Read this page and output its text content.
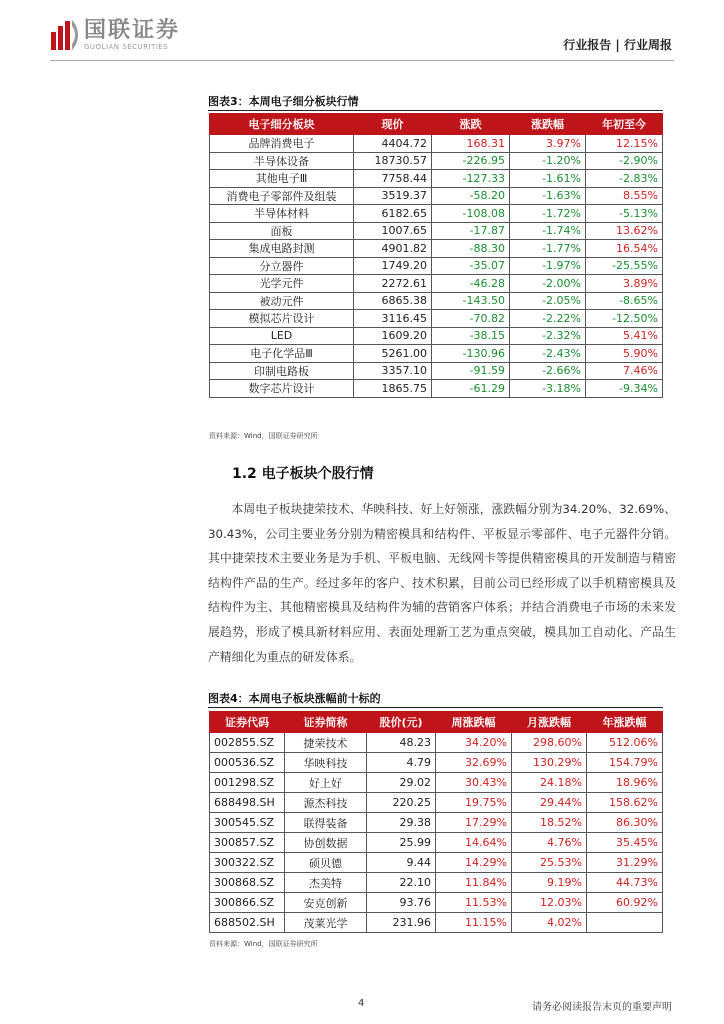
国联证券
GUOLIAN SECURITIES	行业报告 | 行业周报
图表3：本周电子细分板块行情
电子细分板块	现价	涨跌	涨跌幅	年初至今
品牌消费电子	4404.72	168.31	3.97%	12.15%
半导体设备	18730.57	-226.95	-1.20%	-2.90%
其他电子Ⅲ	7758.44	-127.33	-1.61%	-2.83%
消费电子零部件及组装	3519.37	-58.20	-1.63%	8.55%
半导体材料	6182.65	-108.08	-1.72%	-5.13%
面板	1007.65	-17.87	-1.74%	13.62%
集成电路封测	4901.82	-88.30	-1.77%	16.54%
分立器件	1749.20	-35.07	-1.97%	-25.55%
光学元件	2272.61	-46.28	-2.00%	3.89%
被动元件	6865.38	-143.50	-2.05%	-8.65%
模拟芯片设计	3116.45	-70.82	-2.22%	-12.50%
LED	1609.20	-38.15	-2.32%	5.41%
电子化学品Ⅲ	5261.00	-130.96	-2.43%	5.90%
印制电路板	3357.10	-91.59	-2.66%	7.46%
数字芯片设计	1865.75	-61.29	-3.18%	-9.34%
资料来源：Wind，国联证券研究所
1.2 电子板块个股行情
本周电子板块捷荣技术、华映科技、好上好领涨，涨跌幅分别为34.20%、32.69%、30.43%，公司主要业务分别为精密模具和结构件、平板显示零部件、电子元器件分销。其中捷荣技术主要业务是为手机、平板电脑、无线网卡等提供精密模具的开发制造与精密结构件产品的生产。经过多年的客户、技术积累，目前公司已经形成了以手机精密模具及结构件为主、其他精密模具及结构件为辅的营销客户体系；并结合消费电子市场的未来发展趋势，形成了模具新材料应用、表面处理新工艺为重点突破，模具加工自动化、产品生产精细化为重点的研发体系。
图表4：本周电子板块涨幅前十标的
证券代码	证券简称	股价(元)	周涨跌幅	月涨跌幅	年涨跌幅
002855.SZ	捷荣技术	48.23	34.20%	298.60%	512.06%
000536.SZ	华映科技	4.79	32.69%	130.29%	154.79%
001298.SZ	好上好	29.02	30.43%	24.18%	18.96%
688498.SH	源杰科技	220.25	19.75%	29.44%	158.62%
300545.SZ	联得装备	29.38	17.29%	18.52%	86.30%
300857.SZ	协创数据	25.99	14.64%	4.76%	35.45%
300322.SZ	硕贝德	9.44	14.29%	25.53%	31.29%
300868.SZ	杰美特	22.10	11.84%	9.19%	44.73%
300866.SZ	安克创新	93.76	11.53%	12.03%	60.92%
688502.SH	茂莱光学	231.96	11.15%	4.02%	
资料来源：Wind，国联证券研究所
4	请务必阅读报告末页的重要声明
